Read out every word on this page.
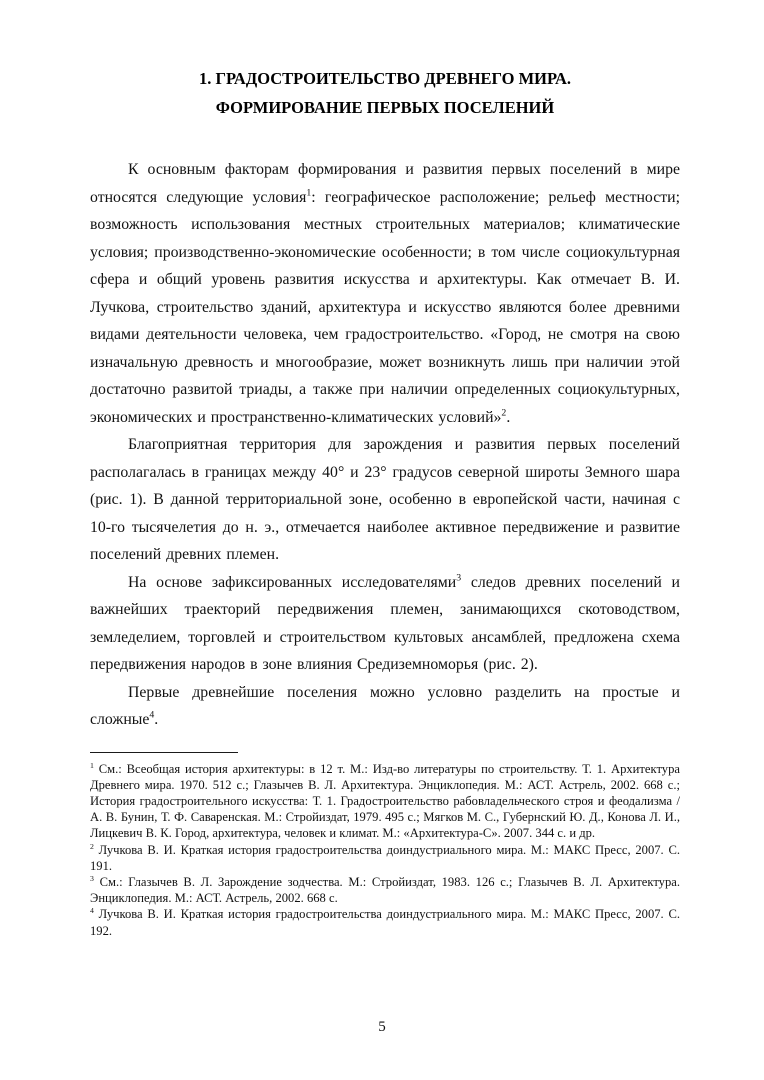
1. ГРАДОСТРОИТЕЛЬСТВО ДРЕВНЕГО МИРА.
ФОРМИРОВАНИЕ ПЕРВЫХ ПОСЕЛЕНИЙ

К основным факторам формирования и развития первых поселений в мире относятся следующие условия$^1$: географическое расположение; рельеф местности; возможность использования местных строительных материалов; климатические условия; производственно-экономические особенности; в том числе социокультурная сфера и общий уровень развития искусства и архитектуры. Как отмечает В. И. Лучкова, строительство зданий, архитектура и искусство являются более древними видами деятельности человека, чем градостроительство. «Город, не смотря на свою изначальную древность и многообразие, может возникнуть лишь при наличии этой достаточно развитой триады, а также при наличии определенных социокультурных, экономических и пространственно-климатических условий»$^2$.

Благоприятная территория для зарождения и развития первых поселений располагалась в границах между 40° и 23° градусов северной широты Земного шара (рис. 1). В данной территориальной зоне, особенно в европейской части, начиная с 10-го тысячелетия до н. э., отмечается наиболее активное передвижение и развитие поселений древних племен.

На основе зафиксированных исследователями$^3$ следов древних поселений и важнейших траекторий передвижения племен, занимающихся скотоводством, земледелием, торговлей и строительством культовых ансамблей, предложена схема передвижения народов в зоне влияния Средиземноморья (рис. 2).

Первые древнейшие поселения можно условно разделить на простые и сложные$^4$.

$^1$ См.: Всеобщая история архитектуры: в 12 т. М.: Изд-во литературы по строительству. Т. 1. Архитектура Древнего мира. 1970. 512 с.; Глазычев В. Л. Архитектура. Энциклопедия. М.: АСТ. Астрель, 2002. 668 с.; История градостроительного искусства: Т. 1. Градостроительство рабовладельческого строя и феодализма / А. В. Бунин, Т. Ф. Саваренская. М.: Стройиздат, 1979. 495 с.; Мягков М. С., Губернский Ю. Д., Конова Л. И., Лицкевич В. К. Город, архитектура, человек и климат. М.: «Архитектура-С». 2007. 344 с. и др.

$^2$ Лучкова В. И. Краткая история градостроительства доиндустриального мира. М.: МАКС Пресс, 2007. С. 191.

$^3$ См.: Глазычев В. Л. Зарождение зодчества. М.: Стройиздат, 1983. 126 с.; Глазычев В. Л. Архитектура. Энциклопедия. М.: АСТ. Астрель, 2002. 668 с.

$^4$ Лучкова В. И. Краткая история градостроительства доиндустриального мира. М.: МАКС Пресс, 2007. С. 192.

5
